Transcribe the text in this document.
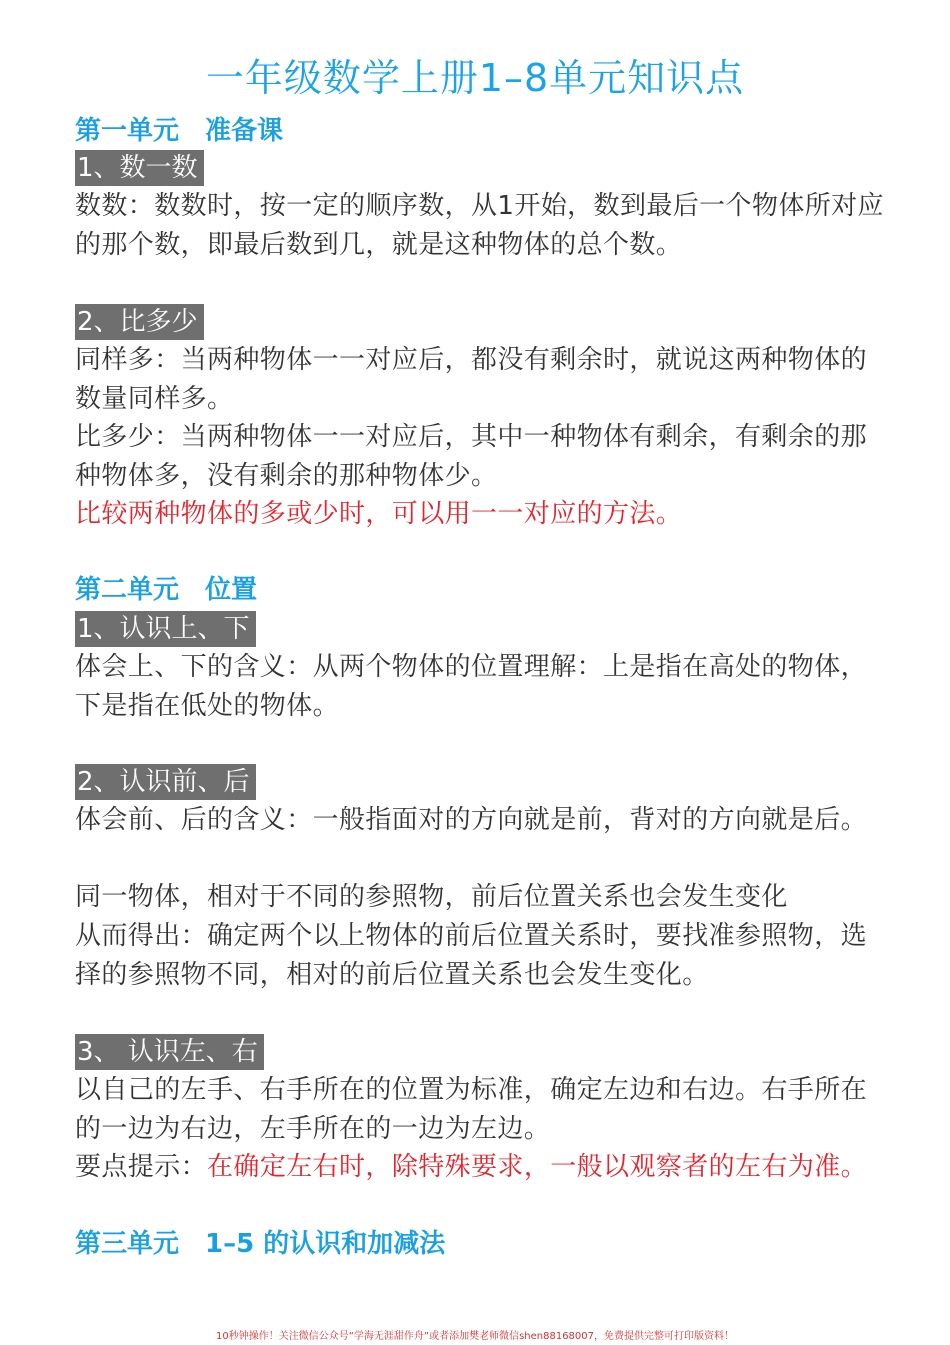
一年级数学上册1–8单元知识点
第一单元　准备课
1、数一数

数数：数数时，按一定的顺序数，从1开始，数到最后一个物体所对应的那个数，即最后数到几，就是这种物体的总个数。

2、比多少

同样多：当两种物体一一对应后，都没有剩余时，就说这两种物体的数量同样多。

比多少：当两种物体一一对应后，其中一种物体有剩余，有剩余的那种物体多，没有剩余的那种物体少。

比较两种物体的多或少时，可以用一一对应的方法。

第二单元　位置
1、认识上、下

体会上、下的含义：从两个物体的位置理解：上是指在高处的物体，下是指在低处的物体。

2、认识前、后

体会前、后的含义：一般指面对的方向就是前，背对的方向就是后。

同一物体，相对于不同的参照物，前后位置关系也会发生变化

从而得出：确定两个以上物体的前后位置关系时，要找准参照物，选择的参照物不同，相对的前后位置关系也会发生变化。

3、 认识左、右

以自己的左手、右手所在的位置为标准，确定左边和右边。右手所在的一边为右边，左手所在的一边为左边。

要点提示：在确定左右时，除特殊要求，一般以观察者的左右为准。

第三单元　1–5 的认识和加减法
10秒钟操作！关注微信公众号“学海无涯甜作舟”或者添加樊老师微信shen88168007，免费提供完整可打印版资料！
